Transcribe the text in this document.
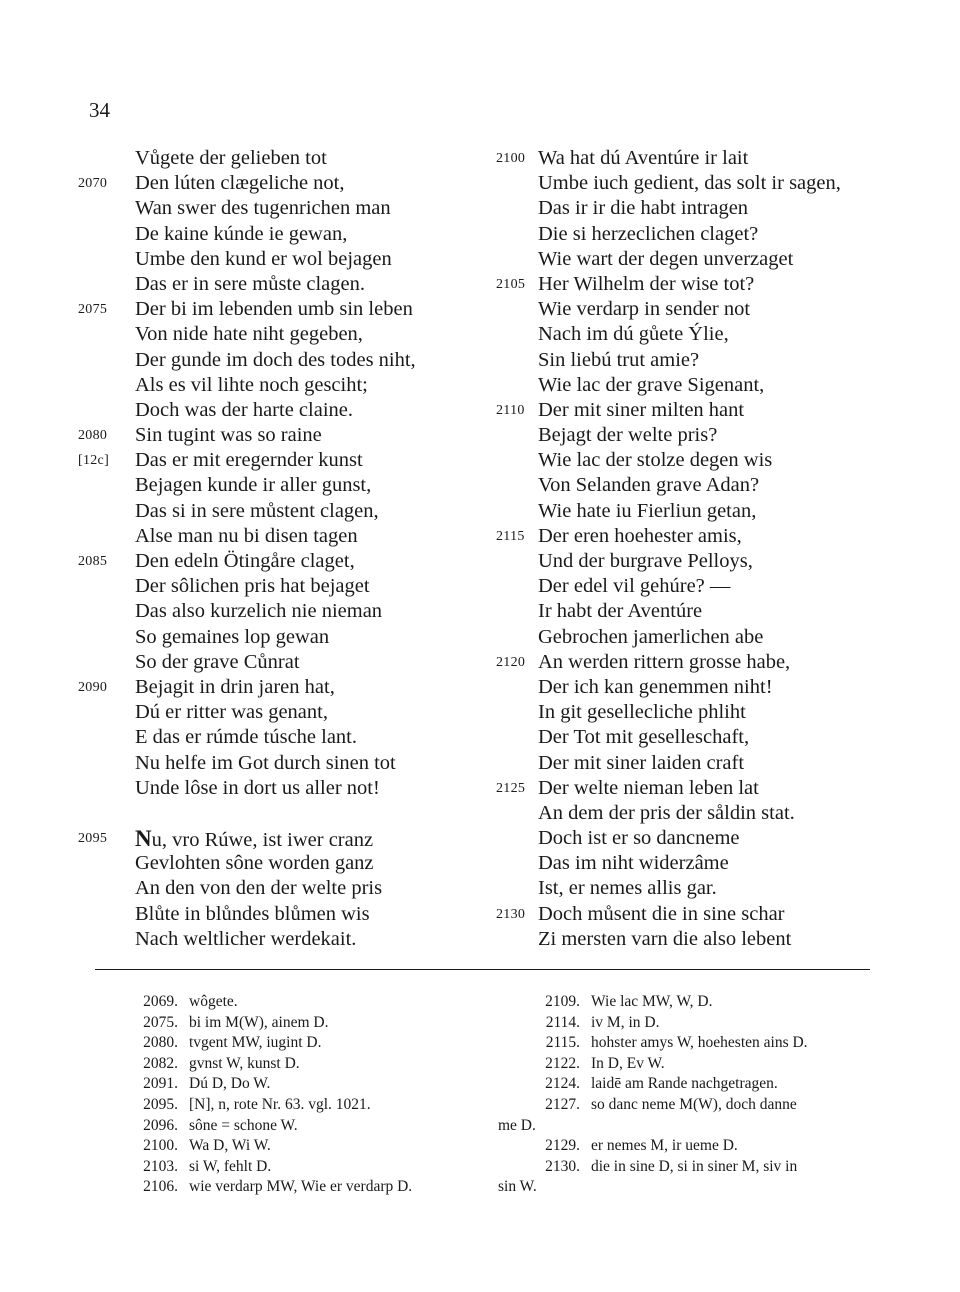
34
Vůgete der gelieben tot
2070	Den lúten clægeliche not,
Wan swer des tugenrichen man
De kaine kúnde ie gewan,
Umbe den kund er wol bejagen
Das er in sere můste clagen.
2075	Der bi im lebenden umb sin leben
Von nide hate niht gegeben,
Der gunde im doch des todes niht,
Als es vil lihte noch gesciht;
Doch was der harte claine.
2080	Sin tugint was so raine
[12c]	Das er mit eregernder kunst
Bejagen kunde ir aller gunst,
Das si in sere můstent clagen,
Alse man nu bi disen tagen
2085	Den edeln Ötingåre claget,
Der sôlichen pris hat bejaget
Das also kurzelich nie nieman
So gemaines lop gewan
So der grave Cůnrat
2090	Bejagit in drin jaren hat,
Dú er ritter was genant,
E das er rúmde túsche lant.
Nu helfe im Got durch sinen tot
Unde lôse in dort us aller not!
2095	Nu, vro Rúwe, ist iwer cranz
Gevlohten sône worden ganz
An den von den der welte pris
Blůte in blůndes blůmen wis
Nach weltlicher werdekait.
2100 Wa hat dú Aventúre ir lait
Umbe iuch gedient, das solt ir sagen,
Das ir ir die habt intragen
Die si herzeclichen claget?
Wie wart der degen unverzaget
2105 Her Wilhelm der wise tot?
Wie verdarp in sender not
Nach im dú gůete Ýlie,
Sin liebú trut amie?
Wie lac der grave Sigenant,
2110 Der mit siner milten hant
Bejagt der welte pris?
Wie lac der stolze degen wis
Von Selanden grave Adan?
Wie hate iu Fierliun getan,
2115 Der eren hoehester amis,
Und der burgrave Pelloys,
Der edel vil gehúre? —
Ir habt der Aventúre
Gebrochen jamerlichen abe
2120 An werden rittern grosse habe,
Der ich kan genemmen niht!
In git gesellecliche phliht
Der Tot mit geselleschaft,
Der mit siner laiden craft
2125 Der welte nieman leben lat
An dem der pris der såldin stat.
Doch ist er so dancneme
Das im niht widerzâme
Ist, er nemes allis gar.
2130 Doch můsent die in sine schar
Zi mersten varn die also lebent
2069. wôgete.
2075. bi im M(W), ainem D.
2080. tvgent MW, iugint D.
2082. gvnst W, kunst D.
2091. Dú D, Do W.
2095. [N], n, rote Nr. 63. vgl. 1021.
2096. sône = schone W.
2100. Wa D, Wi W.
2103. si W, fehlt D.
2106. wie verdarp MW, Wie er verdarp D.
2109. Wie lac MW, W, D.
2114. iv M, in D.
2115. hohster amys W, hoehesten ains D.
2122. In D, Ev W.
2124. laidē am Rande nachgetragen.
2127. so danc neme M(W), doch danne
me D.
2129. er nemes M, ir ueme D.
2130. die in sine D, si in siner M, siv in
sin W.
